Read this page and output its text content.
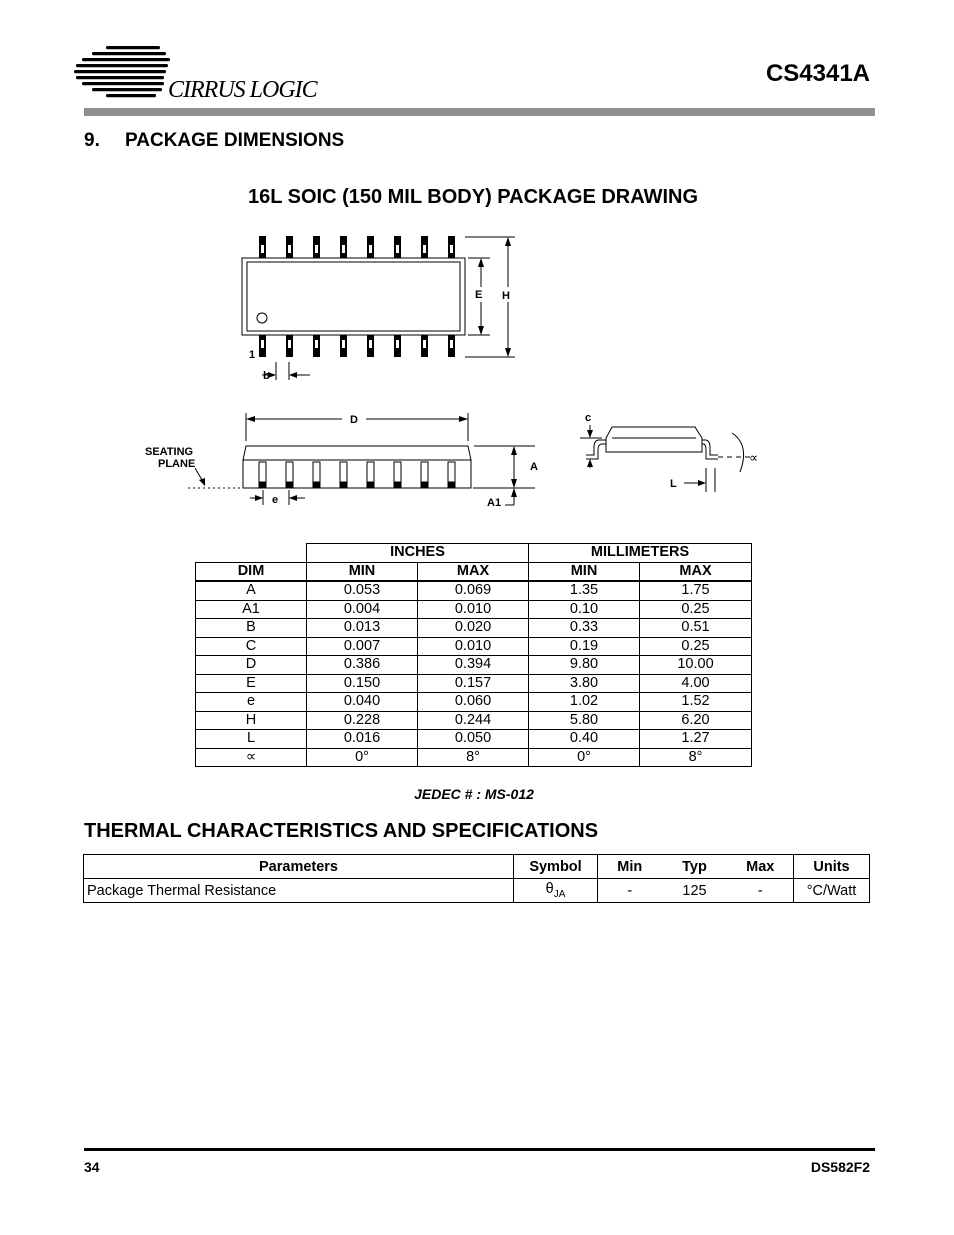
CIRRUS LOGIC
CS4341A
9. PACKAGE DIMENSIONS
16L SOIC (150 MIL BODY) PACKAGE DRAWING
E H
1
b
D
SEATING
PLANE	A
A1
e
c
L
∝
	INCHES		MILLIMETERS	
DIM	MIN	MAX	MIN	MAX
A	0.053	0.069	1.35	1.75
A1	0.004	0.010	0.10	0.25
B	0.013	0.020	0.33	0.51
C	0.007	0.010	0.19	0.25
D	0.386	0.394	9.80	10.00
E	0.150	0.157	3.80	4.00
e	0.040	0.060	1.02	1.52
H	0.228	0.244	5.80	6.20
L	0.016	0.050	0.40	1.27
∝	0°	8°	0°	8°
JEDEC # : MS-012
THERMAL CHARACTERISTICS AND SPECIFICATIONS
Parameters	Symbol	Min	Typ	Max	Units
Package Thermal Resistance	$\theta_{JA}$	-	125	-	°C/Watt
34	DS582F2
